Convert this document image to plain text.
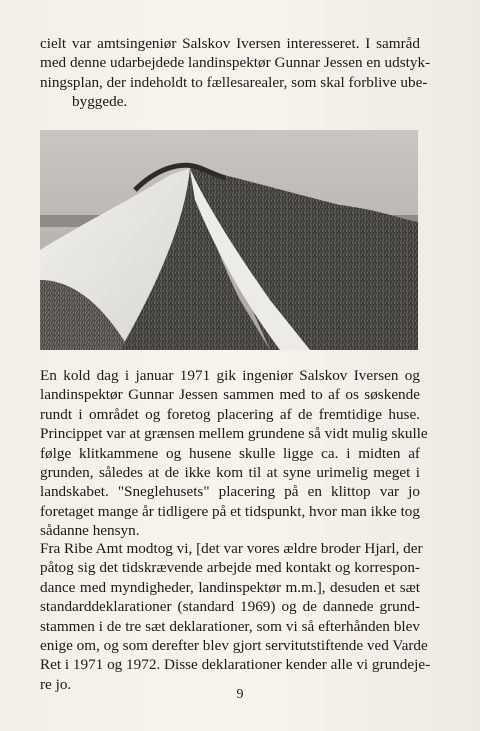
cielt var amtsingeniør Salskov Iversen interesseret. I samråd
med denne udarbejdede landinspektør Gunnar Jessen en udstyk-
ningsplan, der indeholdt to fællesarealer, som skal forblive ube-
byggede.

En kold dag i januar 1971 gik ingeniør Salskov Iversen og
landinspektør Gunnar Jessen sammen med to af os søskende
rundt i området og foretog placering af de fremtidige huse.
Princippet var at grænsen mellem grundene så vidt mulig skulle
følge klitkammene og husene skulle ligge ca. i midten af
grunden, således at de ikke kom til at syne urimelig meget i
landskabet. "Sneglehusets" placering på en klittop var jo
foretaget mange år tidligere på et tidspunkt, hvor man ikke tog
sådanne hensyn.

Fra Ribe Amt modtog vi, [det var vores ældre broder Hjarl, der
påtog sig det tidskrævende arbejde med kontakt og korrespon-
dance med myndigheder, landinspektør m.m.], desuden et sæt
standarddeklarationer (standard 1969) og de dannede grund-
stammen i de tre sæt deklarationer, som vi så efterhånden blev
enige om, og som derefter blev gjort servitutstiftende ved Varde
Ret i 1971 og 1972. Disse deklarationer kender alle vi grundeje-
re jo.

9
